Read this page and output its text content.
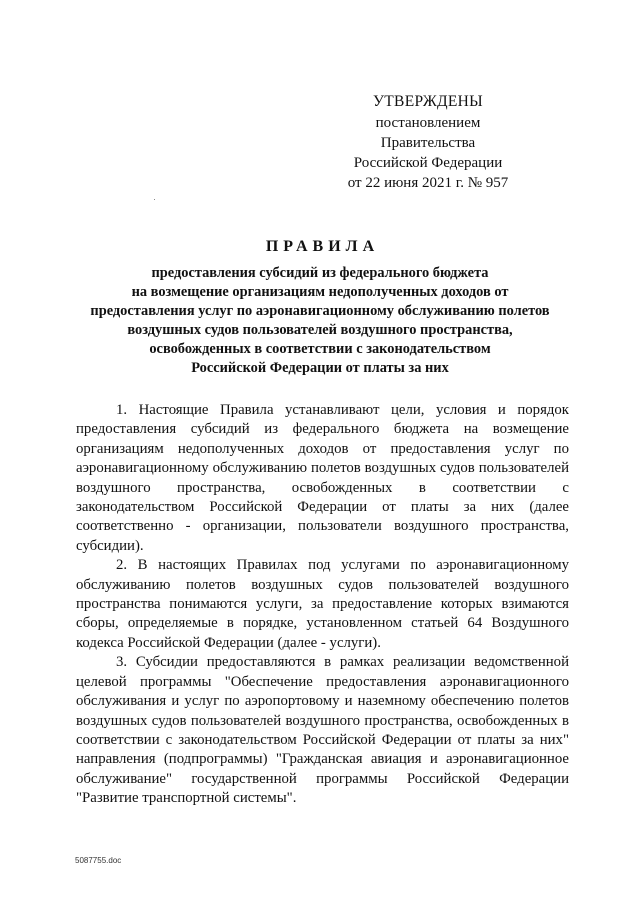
УТВЕРЖДЕНЫ
постановлением Правительства
Российской Федерации
от 22 июня 2021 г. № 957
ПРАВИЛА
предоставления субсидий из федерального бюджета
на возмещение организациям недополученных доходов от
предоставления услуг по аэронавигационному обслуживанию полетов
воздушных судов пользователей воздушного пространства,
освобожденных в соответствии с законодательством
Российской Федерации от платы за них

1. Настоящие Правила устанавливают цели, условия и порядок предоставления субсидий из федерального бюджета на возмещение организациям недополученных доходов от предоставления услуг по аэронавигационному обслуживанию полетов воздушных судов пользователей воздушного пространства, освобожденных в соответствии с законодательством Российской Федерации от платы за них (далее соответственно - организации, пользователи воздушного пространства, субсидии).

2. В настоящих Правилах под услугами по аэронавигационному обслуживанию полетов воздушных судов пользователей воздушного пространства понимаются услуги, за предоставление которых взимаются сборы, определяемые в порядке, установленном статьей 64 Воздушного кодекса Российской Федерации (далее - услуги).

3. Субсидии предоставляются в рамках реализации ведомственной целевой программы "Обеспечение предоставления аэронавигационного обслуживания и услуг по аэропортовому и наземному обеспечению полетов воздушных судов пользователей воздушного пространства, освобожденных в соответствии с законодательством Российской Федерации от платы за них" направления (подпрограммы) "Гражданская авиация и аэронавигационное обслуживание" государственной программы Российской Федерации "Развитие транспортной системы".

5087755.doc
